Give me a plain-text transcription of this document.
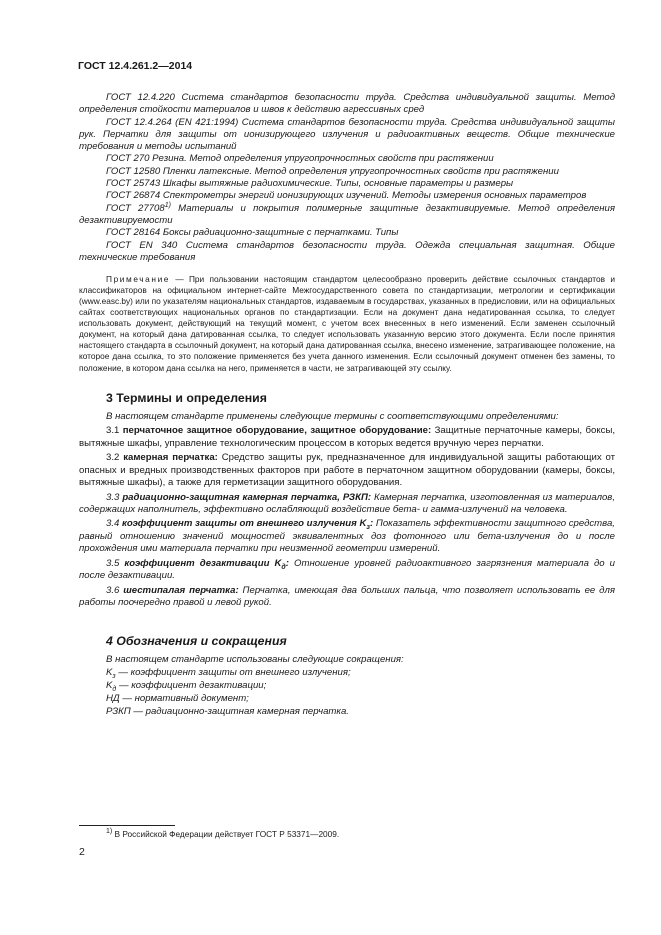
ГОСТ 12.4.261.2—2014

ГОСТ 12.4.220 Система стандартов безопасности труда. Средства индивидуальной защиты. Метод определения стойкости материалов и швов к действию агрессивных сред

ГОСТ 12.4.264 (EN 421:1994) Система стандартов безопасности труда. Средства индивидуальной защиты рук. Перчатки для защиты от ионизирующего излучения и радиоактивных веществ. Общие технические требования и методы испытаний

ГОСТ 270 Резина. Метод определения упругопрочностных свойств при растяжении

ГОСТ 12580 Пленки латексные. Метод определения упругопрочностных свойств при растяжении

ГОСТ 25743 Шкафы вытяжные радиохимические. Типы, основные параметры и размеры

ГОСТ 26874 Спектрометры энергий ионизирующих изучений. Методы измерения основных параметров

ГОСТ 27708$^{1)}$ Материалы и покрытия полимерные защитные дезактивируемые. Метод определения дезактивируемости

ГОСТ 28164 Боксы радиационно-защитные с перчатками. Типы

ГОСТ EN 340 Система стандартов безопасности труда. Одежда специальная защитная. Общие технические требования

Примечание — При пользовании настоящим стандартом целесообразно проверить действие ссылочных стандартов и классификаторов на официальном интернет-сайте Межгосударственного совета по стандартизации, метрологии и сертификации (www.easc.by) или по указателям национальных стандартов, издаваемым в государствах, указанных в предисловии, или на официальных сайтах соответствующих национальных органов по стандартизации. Если на документ дана недатированная ссылка, то следует использовать документ, действующий на текущий момент, с учетом всех внесенных в него изменений. Если заменен ссылочный документ, на который дана датированная ссылка, то следует использовать указанную версию этого документа. Если после принятия настоящего стандарта в ссылочный документ, на который дана датированная ссылка, внесено изменение, затрагивающее положение, на которое дана ссылка, то это положение применяется без учета данного изменения. Если ссылочный документ отменен без замены, то положение, в котором дана ссылка на него, применяется в части, не затрагивающей эту ссылку.

3 Термины и определения

В настоящем стандарте применены следующие термины с соответствующими определениями:

3.1 перчаточное защитное оборудование, защитное оборудование: Защитные перчаточные камеры, боксы, вытяжные шкафы, управление технологическим процессом в которых ведется вручную через перчатки.

3.2 камерная перчатка: Средство защиты рук, предназначенное для индивидуальной защиты работающих от опасных и вредных производственных факторов при работе в перчаточном защитном оборудовании (камеры, боксы, вытяжные шкафы), а также для герметизации защитного оборудования.

3.3 радиационно-защитная камерная перчатка, РЗКП: Камерная перчатка, изготовленная из материалов, содержащих наполнитель, эффективно ослабляющий воздействие бета- и гамма-излучений на человека.

3.4 коэффициент защиты от внешнего излучения $K_з$: Показатель эффективности защитного средства, равный отношению значений мощностей эквивалентных доз фотонного или бета-излучения до и после прохождения ими материала перчатки при неизменной геометрии измерений.

3.5 коэффициент дезактивации $K_д$: Отношение уровней радиоактивного загрязнения материала до и после дезактивации.

3.6 шестипалая перчатка: Перчатка, имеющая два больших пальца, что позволяет использовать ее для работы поочередно правой и левой рукой.

4 Обозначения и сокращения

В настоящем стандарте использованы следующие сокращения:

$K_з$ — коэффициент защиты от внешнего излучения;

$K_д$ — коэффициент дезактивации;

НД — нормативный документ;

РЗКП — радиационно-защитная камерная перчатка.

$^{1)}$ В Российской Федерации действует ГОСТ Р 53371—2009.
2
